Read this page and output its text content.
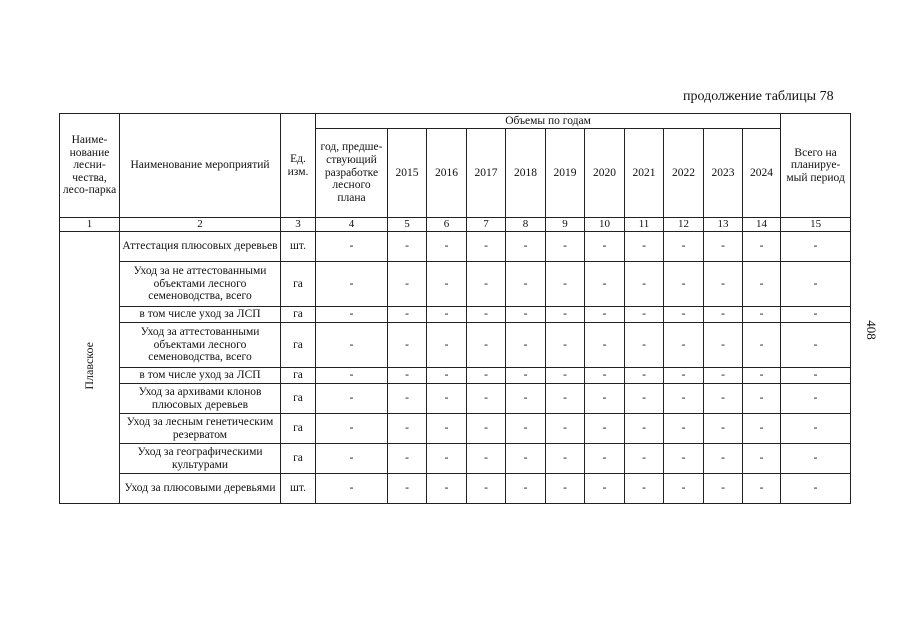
продолжение таблицы 78
408
Наиме-нование лесни-чества, лесо-парка	Наименование мероприятий	Ед. изм.	Объемы по годам											Всего на планируе-мый период
			год, предше-ствующий разработке лесного плана	2015	2016	2017	2018	2019	2020	2021	2022	2023	2024	
1	2	3	4	5	6	7	8	9	10	11	12	13	14	15
Плавское	Аттестация плюсовых деревьев	шт.	-	-	-	-	-	-	-	-	-	-	-	-
	Уход за не аттестованными объектами лесного семеноводства, всего	га	-	-	-	-	-	-	-	-	-	-	-	-
	в том числе уход за ЛСП	га	-	-	-	-	-	-	-	-	-	-	-	-
	Уход за аттестованными объектами лесного семеноводства, всего	га	-	-	-	-	-	-	-	-	-	-	-	-
	в том числе уход за ЛСП	га	-	-	-	-	-	-	-	-	-	-	-	-
	Уход за архивами клонов плюсовых деревьев	га	-	-	-	-	-	-	-	-	-	-	-	-
	Уход за лесным генетическим резерватом	га	-	-	-	-	-	-	-	-	-	-	-	-
	Уход за географическими культурами	га	-	-	-	-	-	-	-	-	-	-	-	-
	Уход за плюсовыми деревьями	шт.	-	-	-	-	-	-	-	-	-	-	-	-
